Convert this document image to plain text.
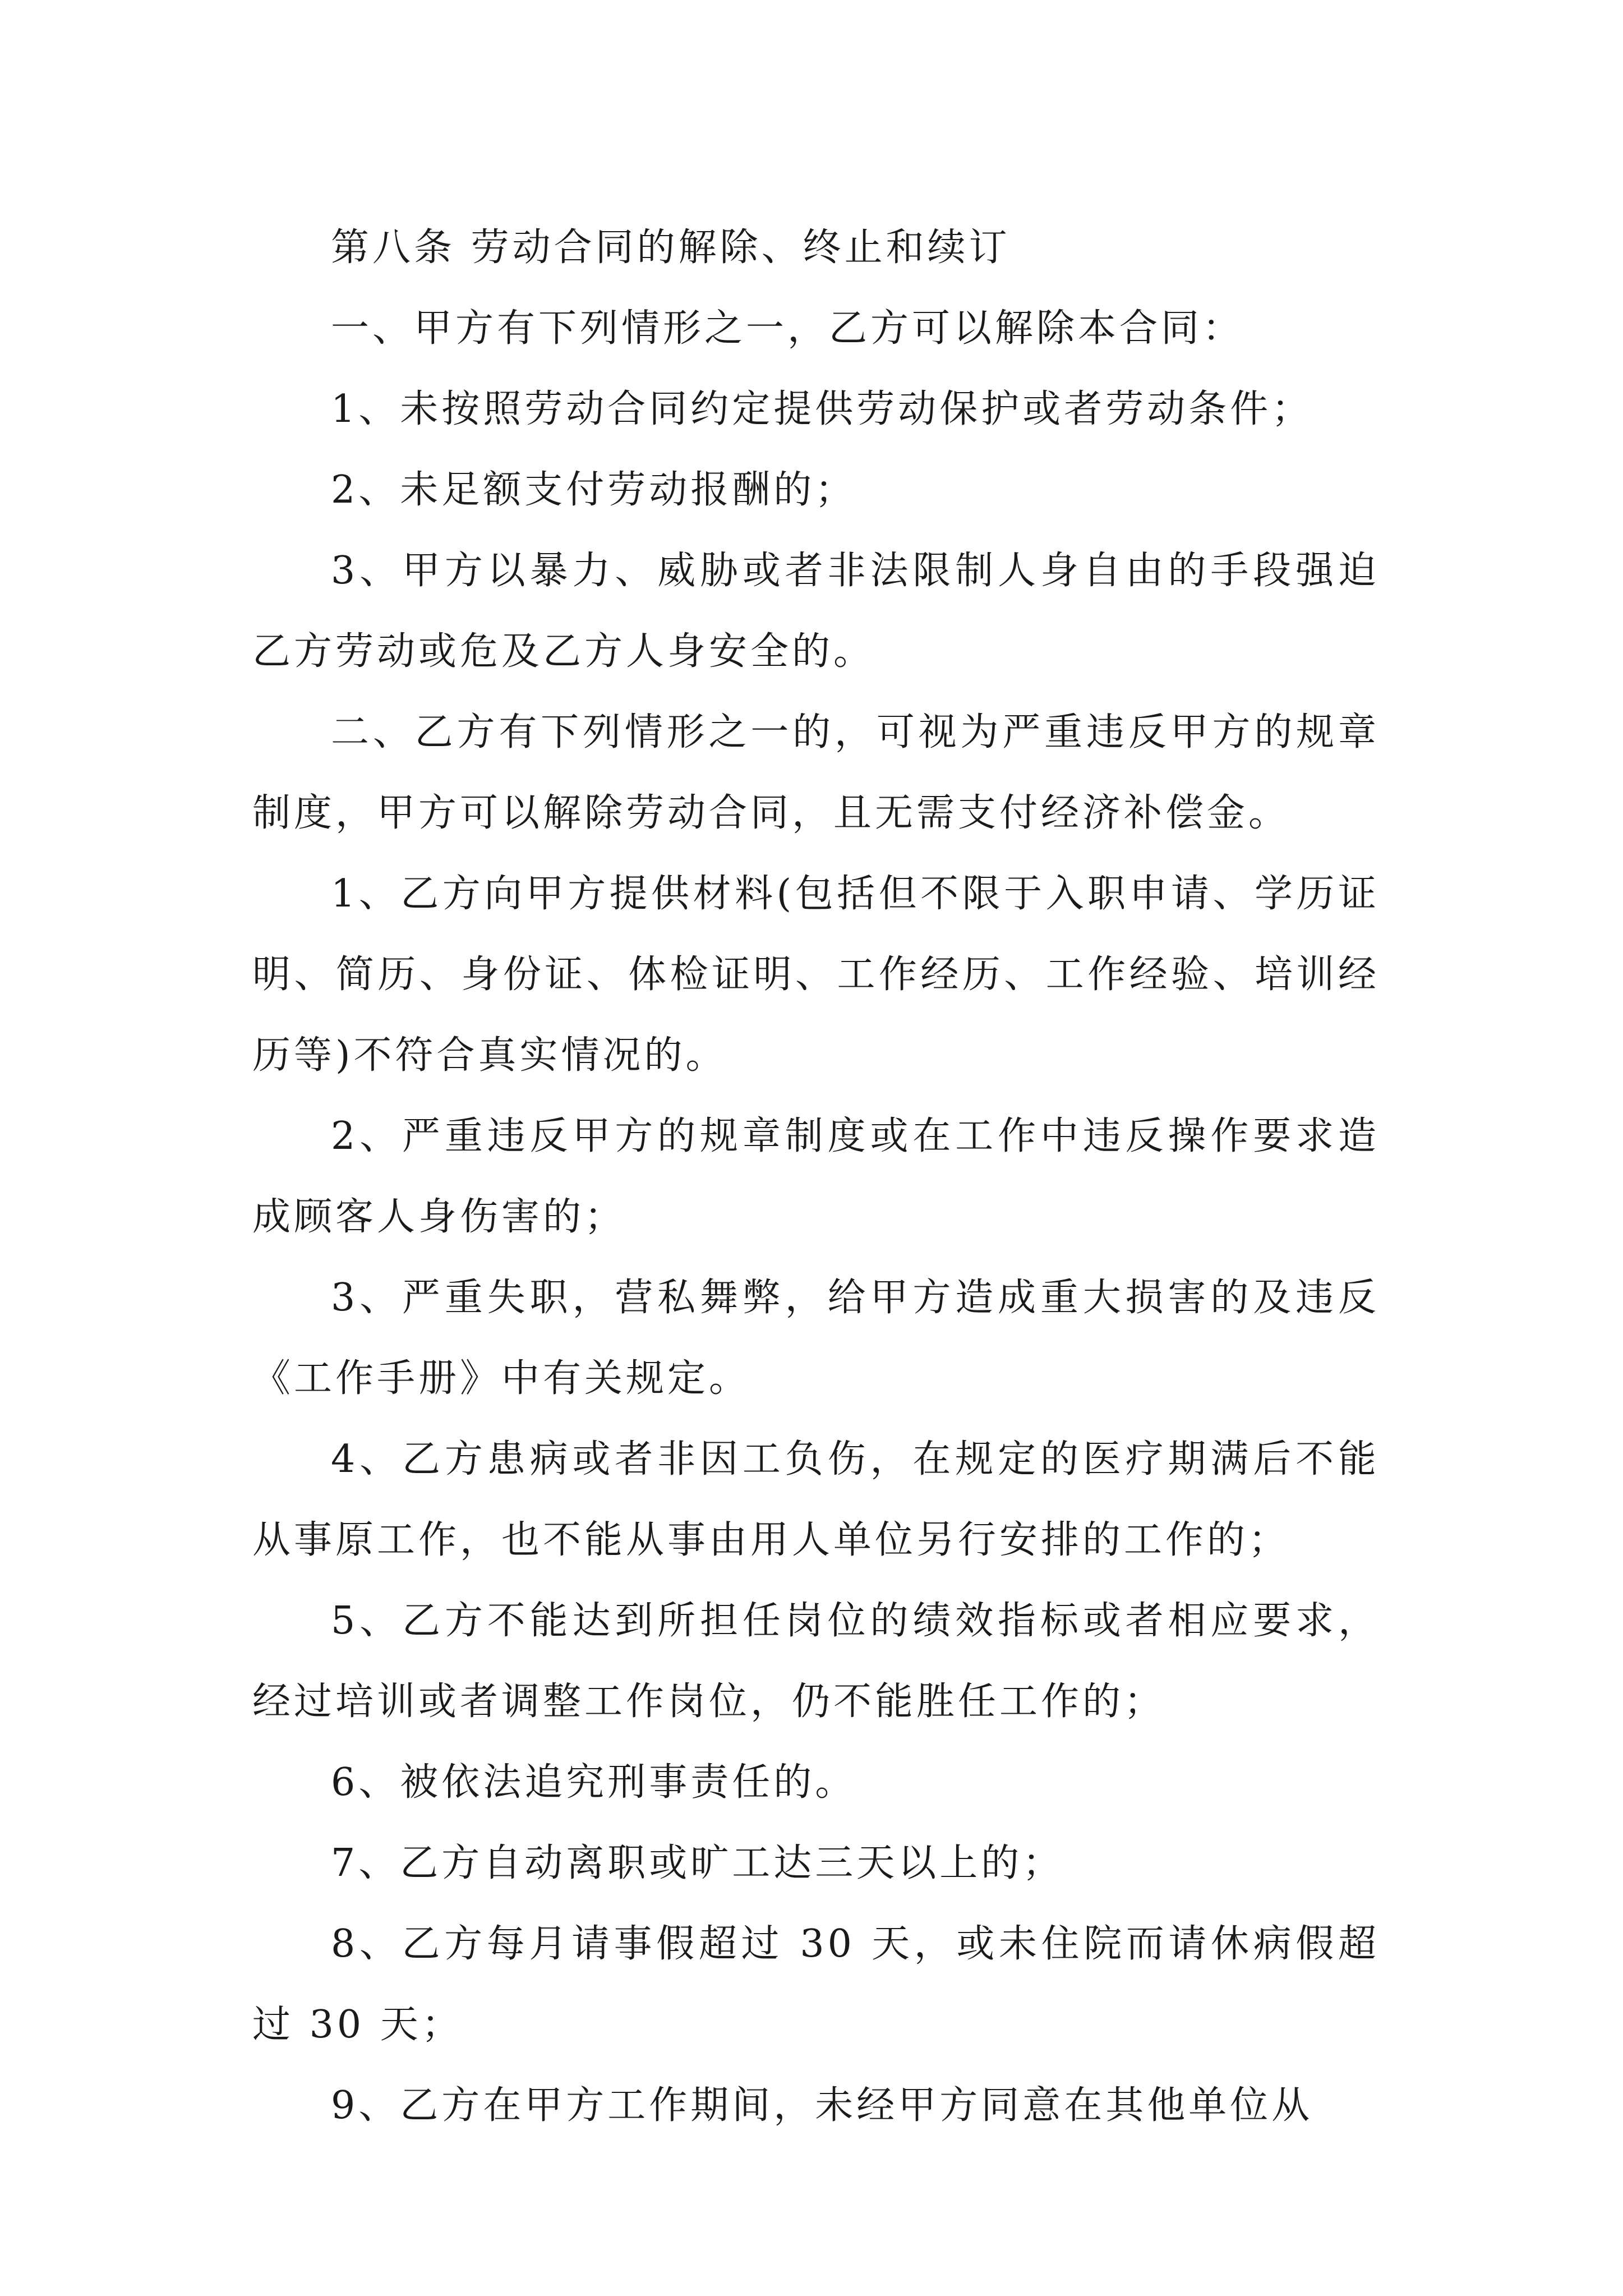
第八条 劳动合同的解除、终止和续订

一、甲方有下列情形之一，乙方可以解除本合同：

1、未按照劳动合同约定提供劳动保护或者劳动条件；

2、未足额支付劳动报酬的；

3、甲方以暴力、威胁或者非法限制人身自由的手段强迫乙方劳动或危及乙方人身安全的。

二、乙方有下列情形之一的，可视为严重违反甲方的规章制度，甲方可以解除劳动合同，且无需支付经济补偿金。

1、乙方向甲方提供材料(包括但不限于入职申请、学历证明、简历、身份证、体检证明、工作经历、工作经验、培训经历等)不符合真实情况的。

2、严重违反甲方的规章制度或在工作中违反操作要求造成顾客人身伤害的；

3、严重失职，营私舞弊，给甲方造成重大损害的及违反《工作手册》中有关规定。

4、乙方患病或者非因工负伤，在规定的医疗期满后不能从事原工作，也不能从事由用人单位另行安排的工作的；

5、乙方不能达到所担任岗位的绩效指标或者相应要求，经过培训或者调整工作岗位，仍不能胜任工作的；

6、被依法追究刑事责任的。

7、乙方自动离职或旷工达三天以上的；

8、乙方每月请事假超过 30 天，或未住院而请休病假超过 30 天；

9、乙方在甲方工作期间，未经甲方同意在其他单位从
